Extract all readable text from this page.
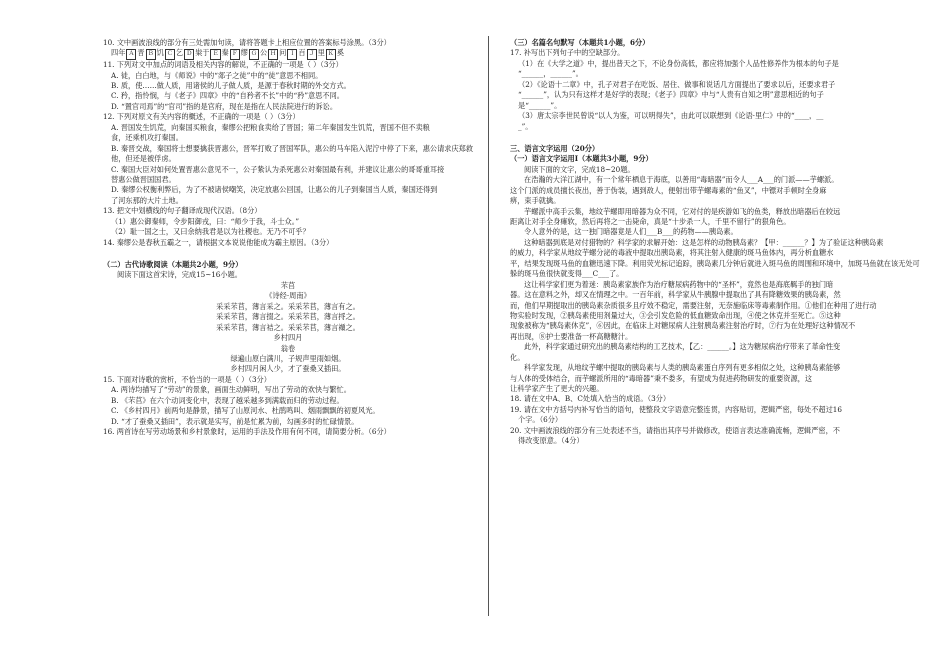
10. 文中画波浪线的部分有三处需加句读，请将答题卡上相应位置的答案标号涂黑。（3分）

四年 Ａ 晋 Ｂ 饥 Ｃ 乞 Ｄ 粜于 Ｅ 秦 Ｆ 缪 Ｇ 公 Ｈ 问 Ｉ 百 Ｊ 里 Ｋ 奚

11. 下列对文中加点的词语及相关内容的解说，不正确的一项是（ ）（3分）

A. 徒，白白地，与《师说》中的“郯子之徒”中的“徒”意思不相同。

B. 质，使……做人质，用诸侯的儿子做人质，是源于春秋时期的外交方式。

C. 矜，指怜悯，与《老子》四章》中的“自矜者不长”中的“矜”意思不同。

D. “置官司焉”的“官司”指的是官府，现在是指在人民法院进行的诉讼。

12. 下列对原文有关内容的概述，不正确的一项是（ ）（3分）

A. 晋国发生饥荒，向秦国买粮食，秦缪公把粮食卖给了晋国；第二年秦国发生饥荒，晋国不但不卖粮

食，还乘机攻打秦国。

B. 秦晋交战，秦国将士想要擒获晋惠公，晋军打败了晋国军队，惠公的马车陷入泥泞中停了下来，惠公请求庆郑救

他，但还是被俘虏。

C. 秦国大臣对如何处置晋惠公意见不一，公子絷认为杀死惠公对秦国最有利，并建议让惠公的哥哥重耳接

替惠公做晋国国君。

D. 秦缪公权衡利弊后，为了不被诸侯嘲笑，决定放惠公回国，让惠公的儿子到秦国当人质，秦国还得到

了河东那的大片土地。

13. 把文中划横线的句子翻译成现代汉语。（8分）

（1）惠公御秦师，令步阳御戎，曰：“师少于我，斗士众。”

（2）耻一国之士，又曰余纳我君是以为社稷也。无乃不可乎？

14. 秦缪公是春秋五霸之一，请根据文本说说他能成为霸主原因。（3分）

（二）古代诗歌阅读（本题共2小题，9分）

阅读下面这首宋诗，完成15~16小题。

芣苢

《诗经·周南》

采采芣苢，薄言采之。采采芣苢，薄言有之。

采采芣苢，薄言掇之。采采芣苢，薄言捋之。

采采芣苢，薄言袺之。采采芣苢，薄言襭之。

乡村四月

翁卷

绿遍山原白满川，子规声里雨如烟。

乡村四月闲人少，才了蚕桑又插田。

15. 下面对诗歌的赏析，不恰当的一项是（ ）（3分）

A. 两诗均描写了“劳动”的景象，画面生动鲜明，写出了劳动的欢快与繁忙。

B. 《芣苢》在六个动词变化中，表现了越采越多到满载而归的劳动过程。

C. 《乡村四月》前两句是静景，描写了山原河水、杜鹃鸣叫、烟雨飘飘的初夏风光。

D. “才了蚕桑又插田”，表示就是实写，前是忙累为前，勾画多时的忙碌情景。

16. 两首诗在写劳动场景和乡村景象时，运用的手法及作用有何不同，请简要分析。（6分）

（三）名篇名句默写（本题共1小题，6分）

17. 补写出下列句子中的空缺部分。

（1）在《大学之道》中，提出普天之下，不论身份高低，都应将加强个人品性修养作为根本的句子是

“______，______”。

（2）《论语十二章》中，孔子对君子在吃饭、居住、做事和说话几方面提出了要求以后，还要求君子

“______”，认为只有这样才是好学的表现；《老子》四章》中与“人贵有自知之明”意思相近的句子

是“______”。

（3）唐太宗李世民曾说“以人为鉴，可以明得失”，由此可以联想到《论语·里仁》中的“____，__

_”。

三、语言文字运用（20分）

（一）语言文字运用Ⅰ（本题共3小题，9分）

阅读下面的文字，完成18~20题。

在浩瀚的大洋江湖中，有一个常年栖息于海底，以善用“毒暗器”而令人___A___的门派——芋螺派。

这个门派的成员擅长夜出，善于伪装，遇到敌人，便射出带芋螺毒素的“鱼叉”，中镖对手顿时全身麻

痹，束手就擒。

芋螺派中高手云集，地纹芋螺即用暗器为众不同，它对付的是疾游如飞的鱼类，释放出暗器后在较远

距离让对手全身瘫软，然后再将之一击毙命，真是“十步杀一人，千里不留行”的狠角色。

令人意外的是，这一独门暗器竟是人们___B___的药物——胰岛素。

这种暗器到底是对付猎物的？科学家的求解开始：这是怎样的动物胰岛素？【甲：______？】为了验证这种胰岛素

的威力，科学家从地纹芋螺分泌的毒液中提取出胰岛素，将其注射入健康的斑马鱼体内，再分析血糖水

平，结果发现斑马鱼的血糖迅速下降。利用荧光标记追踪，胰岛素几分钟后就进入斑马鱼的周围和环境中，加斑马鱼就在该无处可

躲的斑马鱼很快就变得___C___了。

这让科学家们更为着迷：胰岛素家族作为治疗糖尿病药物中的“圣杯”，竟然也是海底羁手的独门暗

器。这在意料之外，却又在情理之中。一百年前，科学家从牛胰腺中提取出了具有降糖效果的胰岛素，然

而，他们早期提取出的胰岛素杂质很多且疗效不稳定，需要注射，无奈施临床等毒素制作用。①他们在种用了进行动

物实验时发现，②胰岛素使用剂量过大，③会引发危险的低血糖致命出现，④使之休克并至死亡。⑤这种

现象被称为“胰岛素休克”，⑥因此，在临床上对糖尿病人注射胰岛素注射治疗时，⑦行为在处理好这种情况不

再出现，⑧护士要准备一杯高糖糖汁。

此外，科学家通过研究出的胰岛素结构的工艺技术，【乙：______。】这为糖尿病治疗带来了革命性变

化。

科学家发现，从地纹芋螺中提取的胰岛素与人类的胰岛素蛋白序列有更多相似之处，这种胰岛素能够

与人体的受体结合，而芋螺派所用的“毒暗器”秉不娄多，有望成为促进药物研发的重要资源，这

让科学家产生了更大的兴趣。

18. 请在文中A、B、C处填入恰当的成语。（3分）

19. 请在文中方括号内补写恰当的语句，使整段文字语意完整连贯，内容贴切，逻辑严密，每处不超过16

个字。（6分）

20. 文中画波浪线的部分有三处表述不当，请指出其序号并做修改，使语言表达准确流畅，逻辑严密，不

得改变原意。（4分）
